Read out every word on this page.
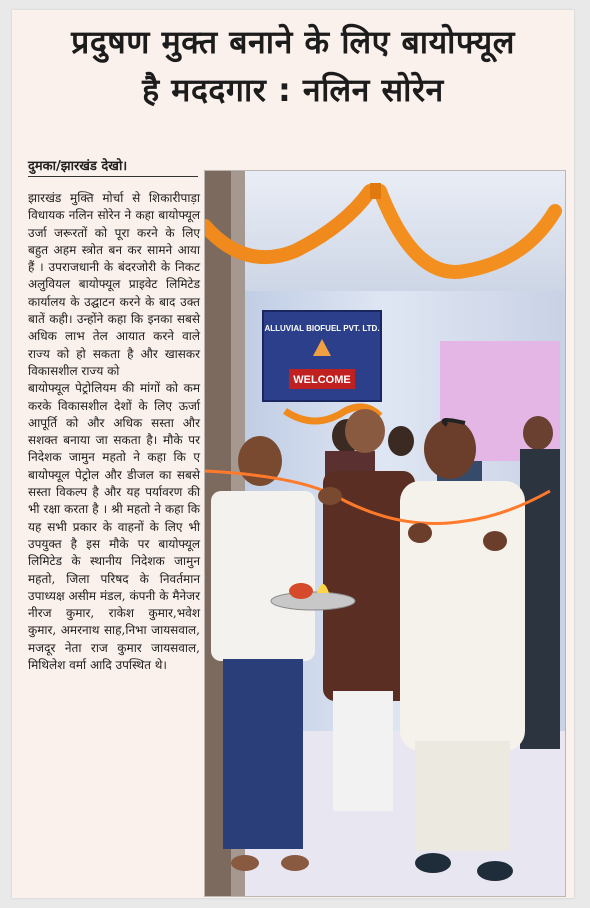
प्रदुषण मुक्त बनाने के लिए बायोफ्यूल
है मददगार : नलिन सोरेन
दुमका/झारखंड देखो।
झारखंड मुक्ति मोर्चा से शिकारीपाड़ा विधायक नलिन सोरेन ने कहा बायोफ्यूल उर्जा जरूरतों को पूरा करने के लिए बहुत अहम स्त्रोत बन कर सामने आया हैं । उपराजधानी के बंदरजोरी के निकट अलुवियल बायोफ्यूल प्राइवेट लिमिटेड कार्यालय के उद्घाटन करने के बाद उक्त बातें कही। उन्होंने कहा कि इनका सबसे अधिक लाभ तेल आयात करने वाले राज्य को हो सकता है और खासकर विकासशील राज्य को
बायोफ्यूल पेट्रोलियम की मांगों को कम करके विकासशील देशों के लिए ऊर्जा आपूर्ति को और अधिक सस्ता और सशक्त बनाया जा सकता है। मौके पर निदेशक जामुन महतो ने कहा कि ए बायोफ्यूल पेट्रोल और डीजल का सबसे सस्ता विकल्प है और यह पर्यावरण की भी रक्षा करता है । श्री महतो ने कहा कि यह सभी प्रकार के वाहनों के लिए भी उपयुक्त है इस मौके पर बायोफ्यूल लिमिटेड के स्थानीय निदेशक जामुन महतो, जिला परिषद के निवर्तमान उपाध्यक्ष असीम मंडल, कंपनी के मैनेजर नीरज कुमार, राकेश कुमार,भवेश कुमार, अमरनाथ साह,निभा जायसवाल, मजदूर नेता राज कुमार जायसवाल, मिथिलेश वर्मा आदि उपस्थित थे।
ALLUVIAL BIOFUEL PVT. LTD.
WELCOME
